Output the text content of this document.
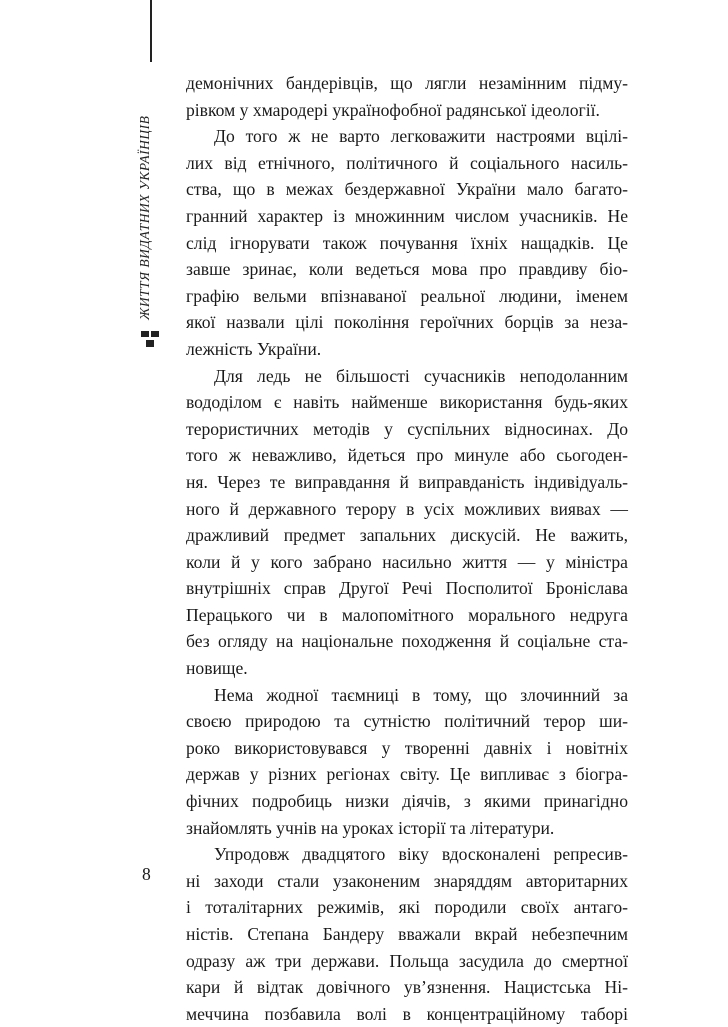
ЖИТТЯ ВИДАТНИХ УКРАЇНЦІВ
демонічних бандерівців, що лягли незамінним підму-
рівком у хмародері українофобної радянської ідеології.
До того ж не варто легковажити настроями вцілі-
лих від етнічного, політичного й соціального насиль-
ства, що в межах бездержавної України мало багато-
гранний характер із множинним числом учасників. Не
слід ігнорувати також почування їхніх нащадків. Це
завше зринає, коли ведеться мова про правдиву біо-
графію вельми впізнаваної реальної людини, іменем
якої назвали цілі покоління героїчних борців за неза-
лежність України.
Для ледь не більшості сучасників неподоланним
вододілом є навіть найменше використання будь-яких
терористичних методів у суспільних відносинах. До
того ж неважливо, йдеться про минуле або сьогоден-
ня. Через те виправдання й виправданість індивідуаль-
ного й державного терору в усіх можливих виявах —
дражливий предмет запальних дискусій. Не важить,
коли й у кого забрано насильно життя — у міністра
внутрішніх справ Другої Речі Посполитої Броніслава
Перацького чи в малопомітного морального недруга
без огляду на національне походження й соціальне ста-
новище.
Нема жодної таємниці в тому, що злочинний за
своєю природою та сутністю політичний терор ши-
роко використовувався у творенні давніх і новітніх
держав у різних регіонах світу. Це випливає з біогра-
фічних подробиць низки діячів, з якими принагідно
знайомлять учнів на уроках історії та літератури.
Упродовж двадцятого віку вдосконалені репресив-
ні заходи стали узаконеним знаряддям авторитарних
і тоталітарних режимів, які породили своїх антаго-
ністів. Степана Бандеру вважали вкрай небезпечним
одразу аж три держави. Польща засудила до смертної
кари й відтак довічного ув’язнення. Нацистська Ні-
меччина позбавила волі в концентраційному таборі
8
